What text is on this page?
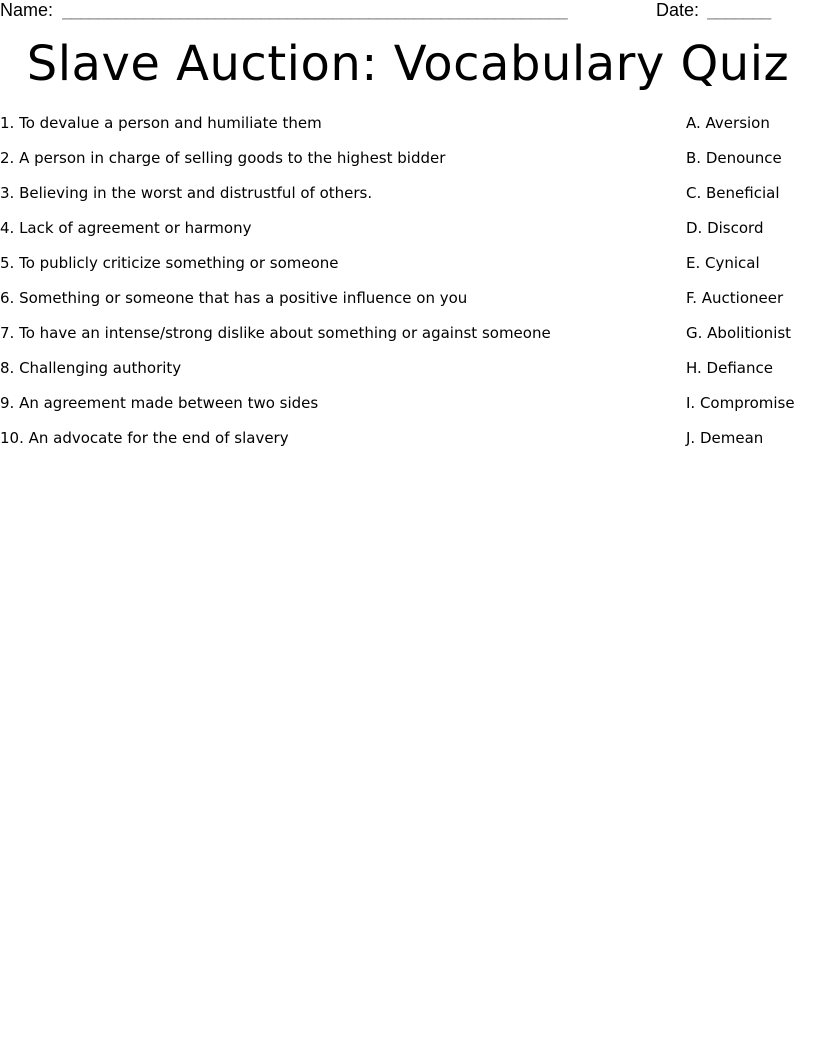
Name: ________________________________________________________	Date: _______
Slave Auction: Vocabulary Quiz
1. To devalue a person and humiliate them	A. Aversion
2. A person in charge of selling goods to the highest bidder	B. Denounce
3. Believing in the worst and distrustful of others.	C. Beneficial
4. Lack of agreement or harmony	D. Discord
5. To publicly criticize something or someone	E. Cynical
6. Something or someone that has a positive influence on you	F. Auctioneer
7. To have an intense/strong dislike about something or against someone	G. Abolitionist
8. Challenging authority	H. Defiance
9. An agreement made between two sides	I. Compromise
10. An advocate for the end of slavery	J. Demean
